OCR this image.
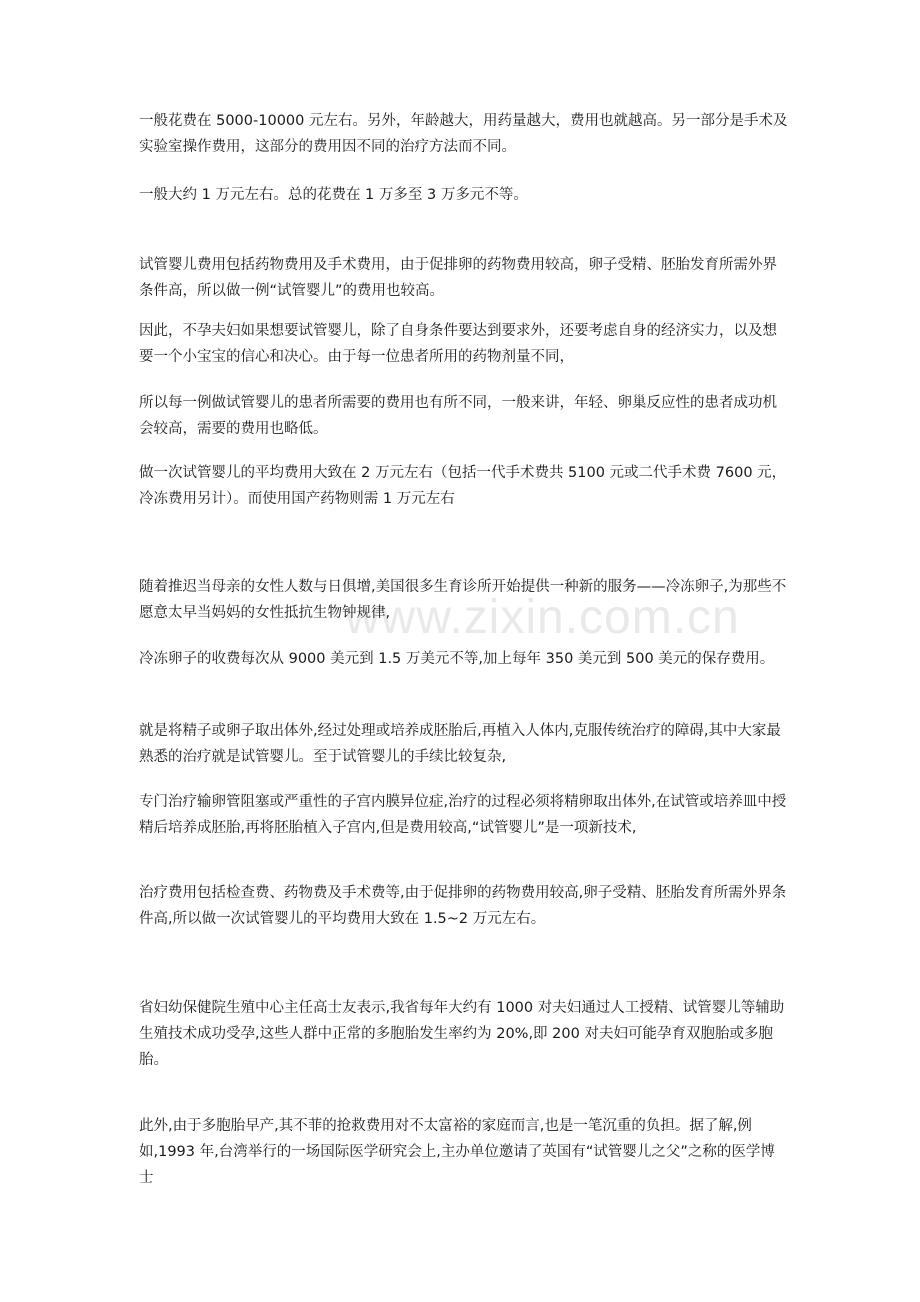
www.zixin.com.cn

一般花费在 5000-10000 元左右。另外，年龄越大，用药量越大，费用也就越高。另一部分是手术及实验室操作费用，这部分的费用因不同的治疗方法而不同。

一般大约 1 万元左右。总的花费在 1 万多至 3 万多元不等。

试管婴儿费用包括药物费用及手术费用，由于促排卵的药物费用较高，卵子受精、胚胎发育所需外界条件高，所以做一例“试管婴儿”的费用也较高。

因此，不孕夫妇如果想要试管婴儿，除了自身条件要达到要求外，还要考虑自身的经济实力，以及想要一个小宝宝的信心和决心。由于每一位患者所用的药物剂量不同，

所以每一例做试管婴儿的患者所需要的费用也有所不同，一般来讲，年轻、卵巢反应性的患者成功机会较高，需要的费用也略低。

做一次试管婴儿的平均费用大致在 2 万元左右（包括一代手术费共 5100 元或二代手术费 7600 元，冷冻费用另计）。而使用国产药物则需 1 万元左右

随着推迟当母亲的女性人数与日俱增,美国很多生育诊所开始提供一种新的服务——冷冻卵子,为那些不愿意太早当妈妈的女性抵抗生物钟规律,

冷冻卵子的收费每次从 9000 美元到 1.5 万美元不等,加上每年 350 美元到 500 美元的保存费用。

就是将精子或卵子取出体外,经过处理或培养成胚胎后,再植入人体内,克服传统治疗的障碍,其中大家最熟悉的治疗就是试管婴儿。至于试管婴儿的手续比较复杂,

专门治疗输卵管阻塞或严重性的子宫内膜异位症,治疗的过程必须将精卵取出体外,在试管或培养皿中授精后培养成胚胎,再将胚胎植入子宫内,但是费用较高,“试管婴儿”是一项新技术,

治疗费用包括检查费、药物费及手术费等,由于促排卵的药物费用较高,卵子受精、胚胎发育所需外界条件高,所以做一次试管婴儿的平均费用大致在 1.5~2 万元左右。

省妇幼保健院生殖中心主任高士友表示,我省每年大约有 1000 对夫妇通过人工授精、试管婴儿等辅助生殖技术成功受孕,这些人群中正常的多胞胎发生率约为 20%,即 200 对夫妇可能孕育双胞胎或多胞胎。

此外,由于多胞胎早产,其不菲的抢救费用对不太富裕的家庭而言,也是一笔沉重的负担。据了解,例如,1993 年,台湾举行的一场国际医学研究会上,主办单位邀请了英国有“试管婴儿之父”之称的医学博士
